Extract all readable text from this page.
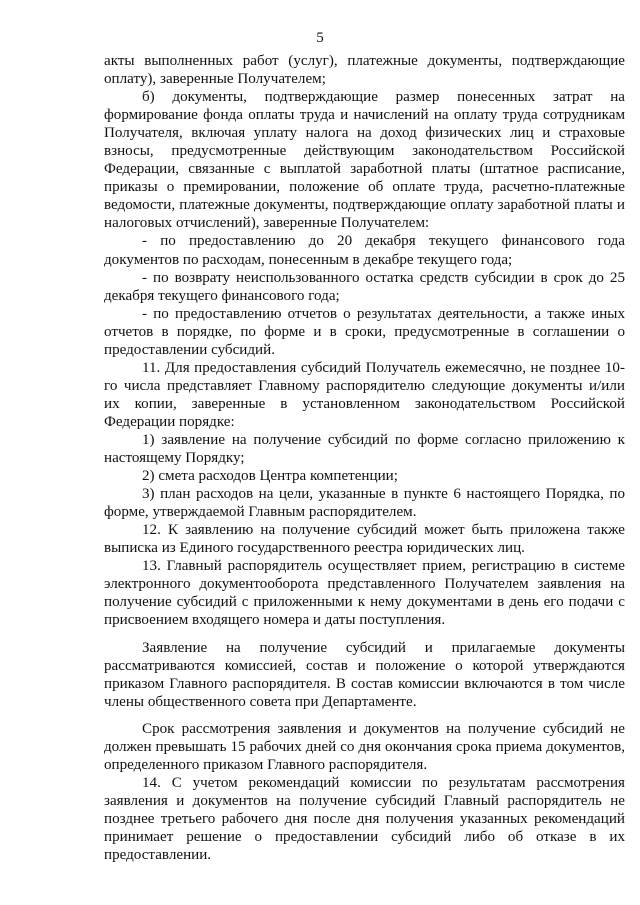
5

акты выполненных работ (услуг), платежные документы, подтверждающие оплату), заверенные Получателем;

б) документы, подтверждающие размер понесенных затрат на формирование фонда оплаты труда и начислений на оплату труда сотрудникам Получателя, включая уплату налога на доход физических лиц и страховые взносы, предусмотренные действующим законодательством Российской Федерации, связанные с выплатой заработной платы (штатное расписание, приказы о премировании, положение об оплате труда, расчетно-платежные ведомости, платежные документы, подтверждающие оплату заработной платы и налоговых отчислений), заверенные Получателем:

- по предоставлению до 20 декабря текущего финансового года документов по расходам, понесенным в декабре текущего года;

- по возврату неиспользованного остатка средств субсидии в срок до 25 декабря текущего финансового года;

- по предоставлению отчетов о результатах деятельности, а также иных отчетов в порядке, по форме и в сроки, предусмотренные в соглашении о предоставлении субсидий.

11. Для предоставления субсидий Получатель ежемесячно, не позднее 10-го числа представляет Главному распорядителю следующие документы и/или их копии, заверенные в установленном законодательством Российской Федерации порядке:

1) заявление на получение субсидий по форме согласно приложению к настоящему Порядку;

2) смета расходов Центра компетенции;

3) план расходов на цели, указанные в пункте 6 настоящего Порядка, по форме, утверждаемой Главным распорядителем.

12. К заявлению на получение субсидий может быть приложена также выписка из Единого государственного реестра юридических лиц.

13. Главный распорядитель осуществляет прием, регистрацию в системе электронного документооборота представленного Получателем заявления на получение субсидий с приложенными к нему документами в день его подачи с присвоением входящего номера и даты поступления.

Заявление на получение субсидий и прилагаемые документы рассматриваются комиссией, состав и положение о которой утверждаются приказом Главного распорядителя. В состав комиссии включаются в том числе члены общественного совета при Департаменте.

Срок рассмотрения заявления и документов на получение субсидий не должен превышать 15 рабочих дней со дня окончания срока приема документов, определенного приказом Главного распорядителя.

14. С учетом рекомендаций комиссии по результатам рассмотрения заявления и документов на получение субсидий Главный распорядитель не позднее третьего рабочего дня после дня получения указанных рекомендаций принимает решение о предоставлении субсидий либо об отказе в их предоставлении.
